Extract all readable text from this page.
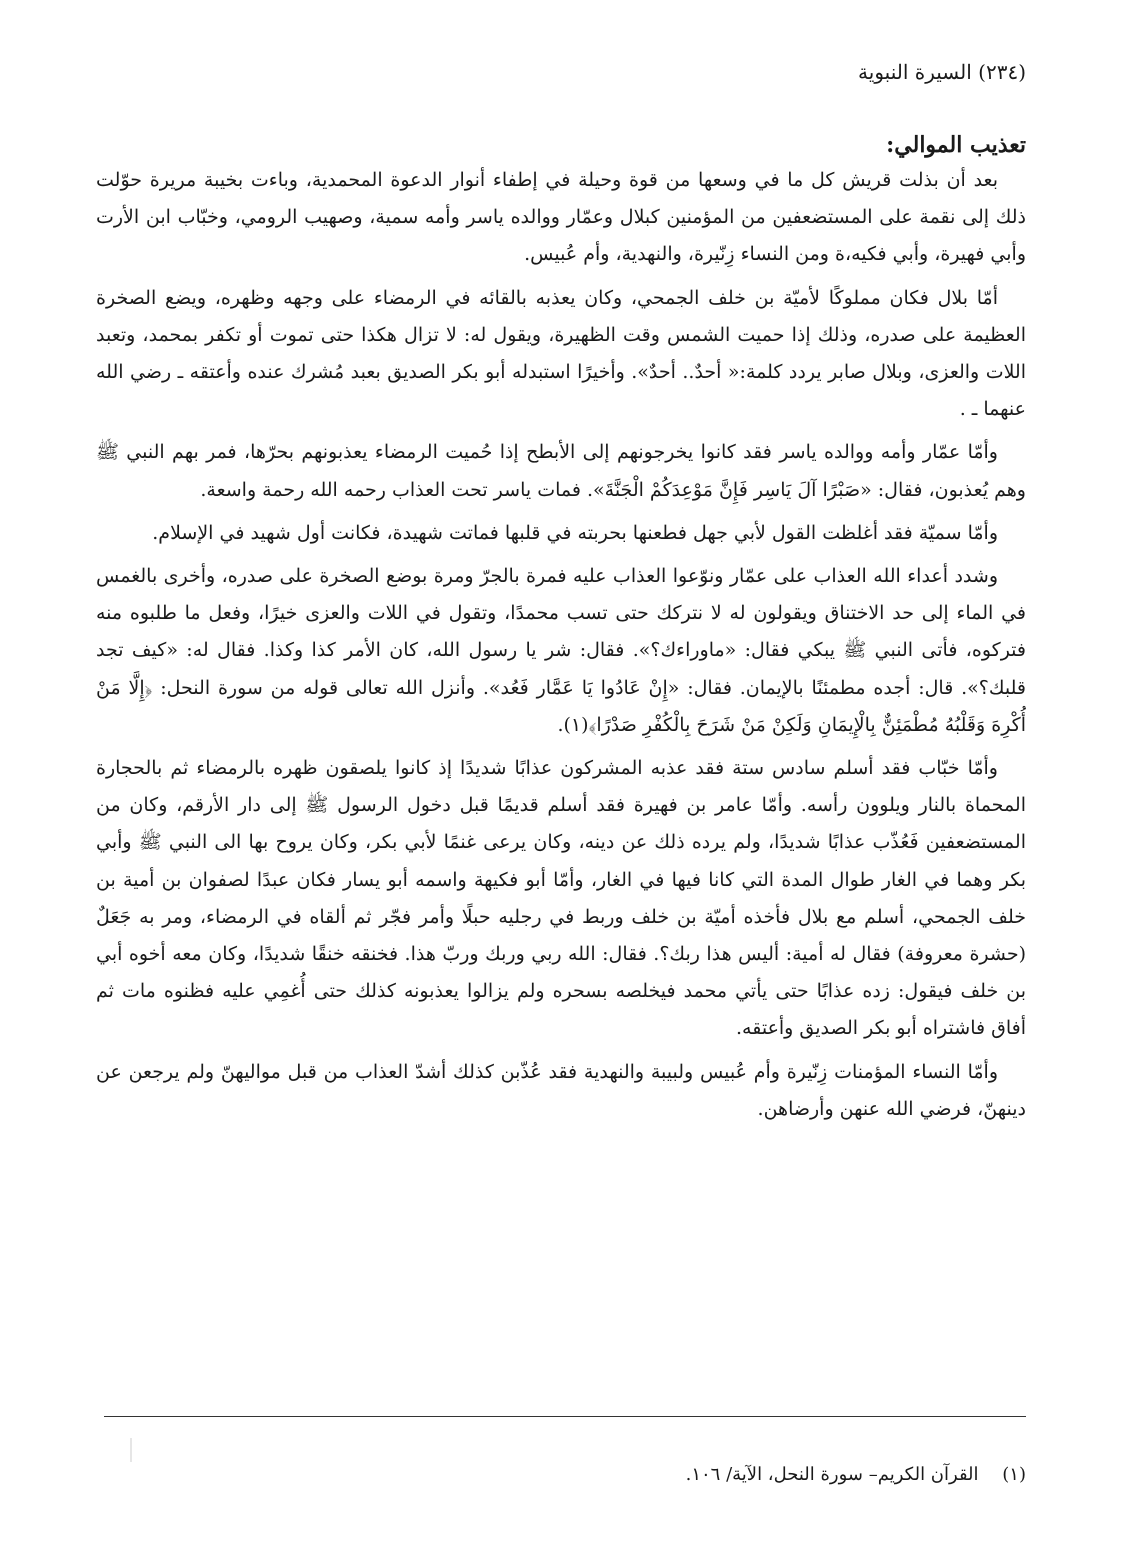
(٢٣٤) السيرة النبوية
تعذيب الموالي:

بعد أن بذلت قريش كل ما في وسعها من قوة وحيلة في إطفاء أنوار الدعوة المحمدية، وباءت بخيبة مريرة حوّلت ذلك إلى نقمة على المستضعفين من المؤمنين كبلال وعمّار ووالده ياسر وأمه سمية، وصهيب الرومي، وخبّاب ابن الأرت وأبي فهيرة، وأبي فكيه،ة ومن النساء زِنّيرة، والنهدية، وأم عُبيس.

أمّا بلال فكان مملوكًا لأميّة بن خلف الجمحي، وكان يعذبه بالقائه في الرمضاء على وجهه وظهره، ويضع الصخرة العظيمة على صدره، وذلك إذا حميت الشمس وقت الظهيرة، ويقول له: لا تزال هكذا حتى تموت أو تكفر بمحمد، وتعبد اللات والعزى، وبلال صابر يردد كلمة:« أحدٌ.. أحدٌ». وأخيرًا استبدله أبو بكر الصديق بعبد مُشرك عنده وأعتقه ـ رضي الله عنهما ـ .

وأمّا عمّار وأمه ووالده ياسر فقد كانوا يخرجونهم إلى الأبطح إذا حُميت الرمضاء يعذبونهم بحرّها، فمر بهم النبي ﷺ وهم يُعذبون، فقال: «صَبْرًا آلَ يَاسِر فَإِنَّ مَوْعِدَكُمْ الْجَنَّةَ». فمات ياسر تحت العذاب رحمه الله رحمة واسعة.

وأمّا سميّة فقد أغلظت القول لأبي جهل فطعنها بحربته في قلبها فماتت شهيدة، فكانت أول شهيد في الإسلام.

وشدد أعداء الله العذاب على عمّار ونوّعوا العذاب عليه فمرة بالجرّ ومرة بوضع الصخرة على صدره، وأخرى بالغمس في الماء إلى حد الاختناق ويقولون له لا نتركك حتى تسب محمدًا، وتقول في اللات والعزى خيرًا، وفعل ما طلبوه منه فتركوه، فأتى النبي ﷺ يبكي فقال: «ماوراءك؟». فقال: شر يا رسول الله، كان الأمر كذا وكذا. فقال له: «كيف تجد قلبك؟». قال: أجده مطمئنًا بالإيمان. فقال: «إِنْ عَادُوا يَا عَمَّار فَعُد». وأنزل الله تعالى قوله من سورة النحل: ﴿إِلَّا مَنْ أُكْرِهَ وَقَلْبُهُ مُطْمَئِنٌّ بِالْإِيمَانِ وَلَكِنْ مَنْ شَرَحَ بِالْكُفْرِ صَدْرًا﴾(١).

وأمّا خبّاب فقد أسلم سادس ستة فقد عذبه المشركون عذابًا شديدًا إذ كانوا يلصقون ظهره بالرمضاء ثم بالحجارة المحماة بالنار ويلوون رأسه. وأمّا عامر بن فهيرة فقد أسلم قديمًا قبل دخول الرسول ﷺ إلى دار الأرقم، وكان من المستضعفين فَعُذّب عذابًا شديدًا، ولم يرده ذلك عن دينه، وكان يرعى غنمًا لأبي بكر، وكان يروح بها الى النبي ﷺ وأبي بكر وهما في الغار طوال المدة التي كانا فيها في الغار، وأمّا أبو فكيهة واسمه أبو يسار فكان عبدًا لصفوان بن أمية بن خلف الجمحي، أسلم مع بلال فأخذه أميّة بن خلف وربط في رجليه حبلًا وأمر فجّر ثم ألقاه في الرمضاء، ومر به جَعَلٌ (حشرة معروفة) فقال له أمية: أليس هذا ربك؟. فقال: الله ربي وربك وربّ هذا. فخنقه خنقًا شديدًا، وكان معه أخوه أبي بن خلف فيقول: زده عذابًا حتى يأتي محمد فيخلصه بسحره ولم يزالوا يعذبونه كذلك حتى أُغمِي عليه فظنوه مات ثم أفاق فاشتراه أبو بكر الصديق وأعتقه.

وأمّا النساء المؤمنات زِنّيرة وأم عُبيس ولبيبة والنهدية فقد عُذّبن كذلك أشدّ العذاب من قبل مواليهنّ ولم يرجعن عن دينهنّ، فرضي الله عنهن وأرضاهن.

(١) القرآن الكريم– سورة النحل، الآية/ ١٠٦.
